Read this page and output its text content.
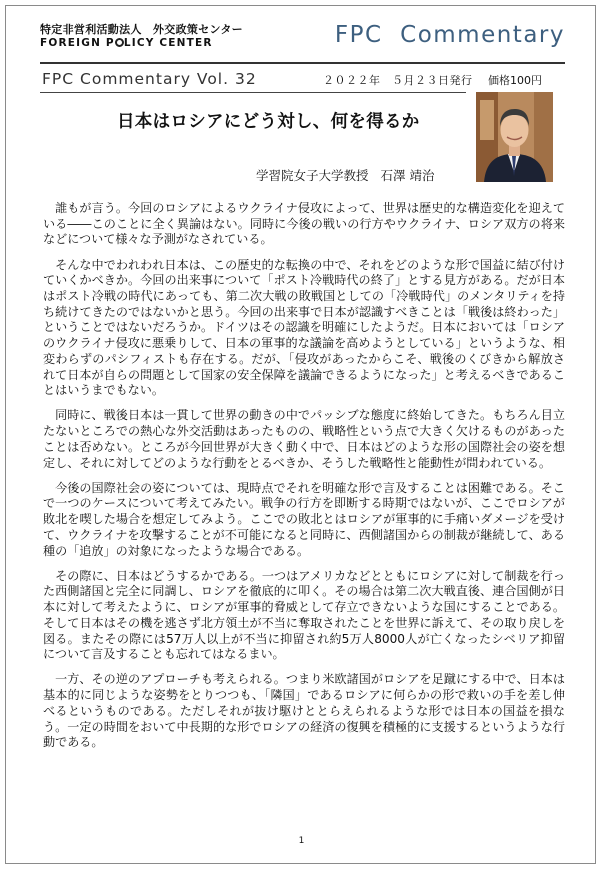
特定非営利活動法人　外交政策センター
FOREIGN P LICY CENTER	FPC  Commentary
FPC Commentary Vol. 32	２０２２年　５月２３日発行 価格100円
日本はロシアにどう対し、何を得るか
学習院女子大学教授 石澤 靖治

誰もが言う。今回のロシアによるウクライナ侵攻によって、世界は歴史的な構造変化を迎えている――このことに全く異論はない。同時に今後の戦いの行方やウクライナ、ロシア双方の将来などについて様々な予測がなされている。

そんな中でわれわれ日本は、この歴史的な転換の中で、それをどのような形で国益に結び付けていくかべきか。今回の出来事について「ポスト冷戦時代の終了」とする見方がある。だが日本はポスト冷戦の時代にあっても、第二次大戦の敗戦国としての「冷戦時代」のメンタリティを持ち続けてきたのではないかと思う。今回の出来事で日本が認識すべきことは「戦後は終わった」ということではないだろうか。ドイツはその認識を明確にしたようだ。日本においては「ロシアのウクライナ侵攻に悪乗りして、日本の軍事的な議論を高めようとしている」というような、相変わらずのパシフィストも存在する。だが、「侵攻があったからこそ、戦後のくびきから解放されて日本が自らの問題として国家の安全保障を議論できるようになった」と考えるべきであることはいうまでもない。

同時に、戦後日本は一貫して世界の動きの中でパッシブな態度に終始してきた。もちろん目立たないところでの熱心な外交活動はあったものの、戦略性という点で大きく欠けるものがあったことは否めない。ところが今回世界が大きく動く中で、日本はどのような形の国際社会の姿を想定し、それに対してどのような行動をとるべきか、そうした戦略性と能動性が問われている。

今後の国際社会の姿については、現時点でそれを明確な形で言及することは困難である。そこで一つのケースについて考えてみたい。戦争の行方を即断する時期ではないが、ここでロシアが敗北を喫した場合を想定してみよう。ここでの敗北とはロシアが軍事的に手痛いダメージを受けて、ウクライナを攻撃することが不可能になると同時に、西側諸国からの制裁が継続して、ある種の「追放」の対象になったような場合である。

その際に、日本はどうするかである。一つはアメリカなどとともにロシアに対して制裁を行った西側諸国と完全に同調し、ロシアを徹底的に叩く。その場合は第二次大戦直後、連合国側が日本に対して考えたように、ロシアが軍事的脅威として存立できないような国にすることである。そして日本はその機を逃さず北方領土が不当に奪取されたことを世界に訴えて、その取り戻しを図る。またその際には57万人以上が不当に抑留され約5万人8000人が亡くなったシベリア抑留について言及することも忘れてはなるまい。

一方、その逆のアプローチも考えられる。つまり米欧諸国がロシアを足蹴にする中で、日本は基本的に同じような姿勢をとりつつも、「隣国」であるロシアに何らかの形で救いの手を差し伸べるというものである。ただしそれが抜け駆けととらえられるような形では日本の国益を損なう。一定の時間をおいて中長期的な形でロシアの経済の復興を積極的に支援するというような行動である。

1
